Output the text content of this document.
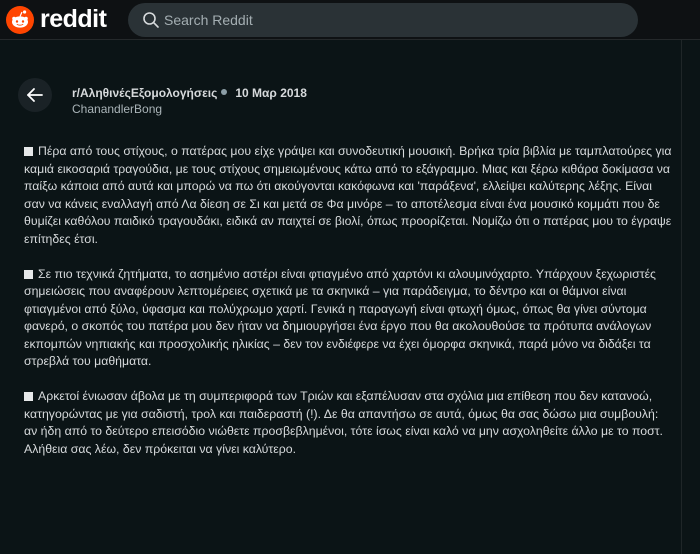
reddit
Search Reddit
r/ΑληθινέςΕξομολογήσεις 10 Μαρ 2018
ChanandlerBong

Πέρα από τους στίχους, ο πατέρας μου είχε γράψει και συνοδευτική μουσική. Βρήκα τρία βιβλία με ταμπλατούρες για καμιά εικοσαριά τραγούδια, με τους στίχους σημειωμένους κάτω από το εξάγραμμο. Μιας και ξέρω κιθάρα δοκίμασα να παίξω κάποια από αυτά και μπορώ να πω ότι ακούγονται κακόφωνα και 'παράξενα', ελλείψει καλύτερης λέξης. Είναι σαν να κάνεις εναλλαγή από Λα δίεση σε Σι και μετά σε Φα μινόρε – το αποτέλεσμα είναι ένα μουσικό κομμάτι που δε θυμίζει καθόλου παιδικό τραγουδάκι, ειδικά αν παιχτεί σε βιολί, όπως προορίζεται. Νομίζω ότι ο πατέρας μου το έγραψε επίτηδες έτσι.

Σε πιο τεχνικά ζητήματα, το ασημένιο αστέρι είναι φτιαγμένο από χαρτόνι κι αλουμινόχαρτο. Υπάρχουν ξεχωριστές σημειώσεις που αναφέρουν λεπτομέρειες σχετικά με τα σκηνικά – για παράδειγμα, το δέντρο και οι θάμνοι είναι φτιαγμένοι από ξύλο, ύφασμα και πολύχρωμο χαρτί. Γενικά η παραγωγή είναι φτωχή όμως, όπως θα γίνει σύντομα φανερό, ο σκοπός του πατέρα μου δεν ήταν να δημιουργήσει ένα έργο που θα ακολουθούσε τα πρότυπα ανάλογων εκπομπών νηπιακής και προσχολικής ηλικίας – δεν τον ενδιέφερε να έχει όμορφα σκηνικά, παρά μόνο να διδάξει τα στρεβλά του μαθήματα.

Αρκετοί ένιωσαν άβολα με τη συμπεριφορά των Τριών και εξαπέλυσαν στα σχόλια μια επίθεση που δεν κατανοώ, κατηγορώντας με για σαδιστή, τρολ και παιδεραστή (!). Δε θα απαντήσω σε αυτά, όμως θα σας δώσω μια συμβουλή: αν ήδη από το δεύτερο επεισόδιο νιώθετε προσβεβλημένοι, τότε ίσως είναι καλό να μην ασχοληθείτε άλλο με το ποστ. Αλήθεια σας λέω, δεν πρόκειται να γίνει καλύτερο.
